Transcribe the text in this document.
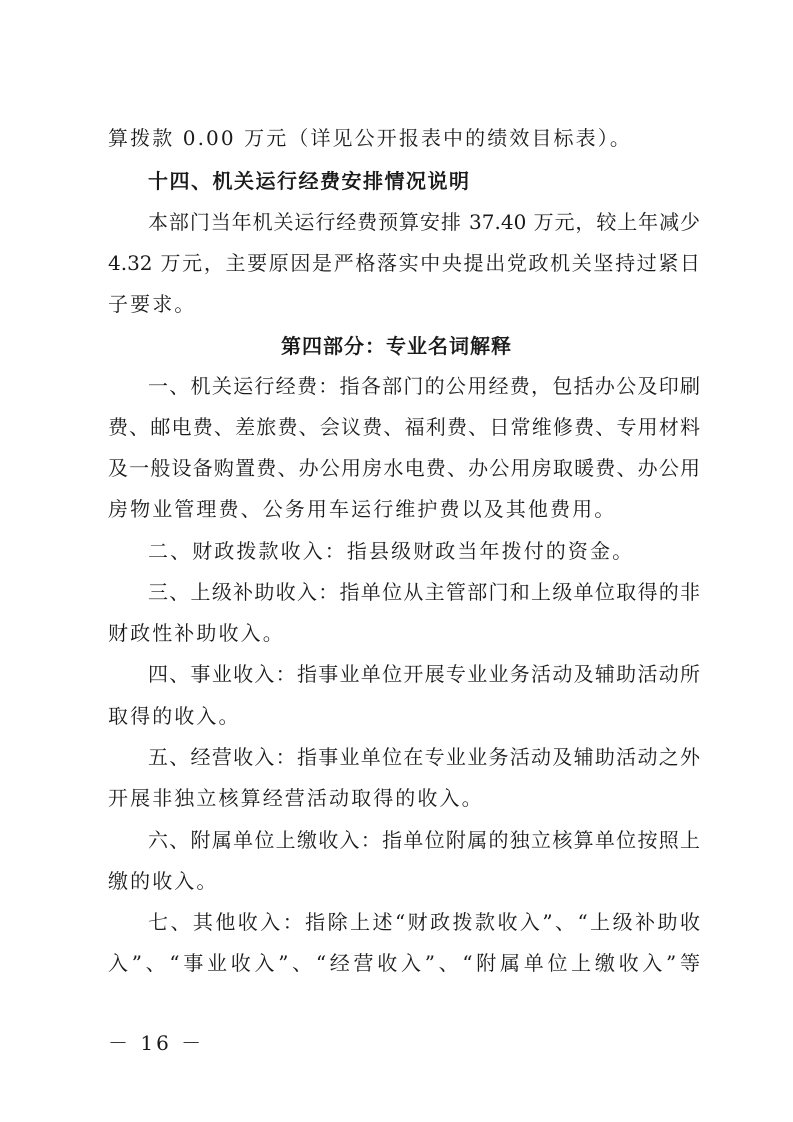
算拨款 0.00 万元（详见公开报表中的绩效目标表）。
十四、机关运行经费安排情况说明
本部门当年机关运行经费预算安排 37.40 万元，较上年减少
4.32 万元，主要原因是严格落实中央提出党政机关坚持过紧日
子要求。
第四部分：专业名词解释
一、机关运行经费：指各部门的公用经费，包括办公及印刷
费、邮电费、差旅费、会议费、福利费、日常维修费、专用材料
及一般设备购置费、办公用房水电费、办公用房取暖费、办公用
房物业管理费、公务用车运行维护费以及其他费用。
二、财政拨款收入：指县级财政当年拨付的资金。
三、上级补助收入：指单位从主管部门和上级单位取得的非
财政性补助收入。
四、事业收入：指事业单位开展专业业务活动及辅助活动所
取得的收入。
五、经营收入：指事业单位在专业业务活动及辅助活动之外
开展非独立核算经营活动取得的收入。
六、附属单位上缴收入：指单位附属的独立核算单位按照上
缴的收入。
七、其他收入：指除上述“财政拨款收入”、“上级补助收
入”、“事业收入”、“经营收入”、“附属单位上缴收入”等
－ 16 －
